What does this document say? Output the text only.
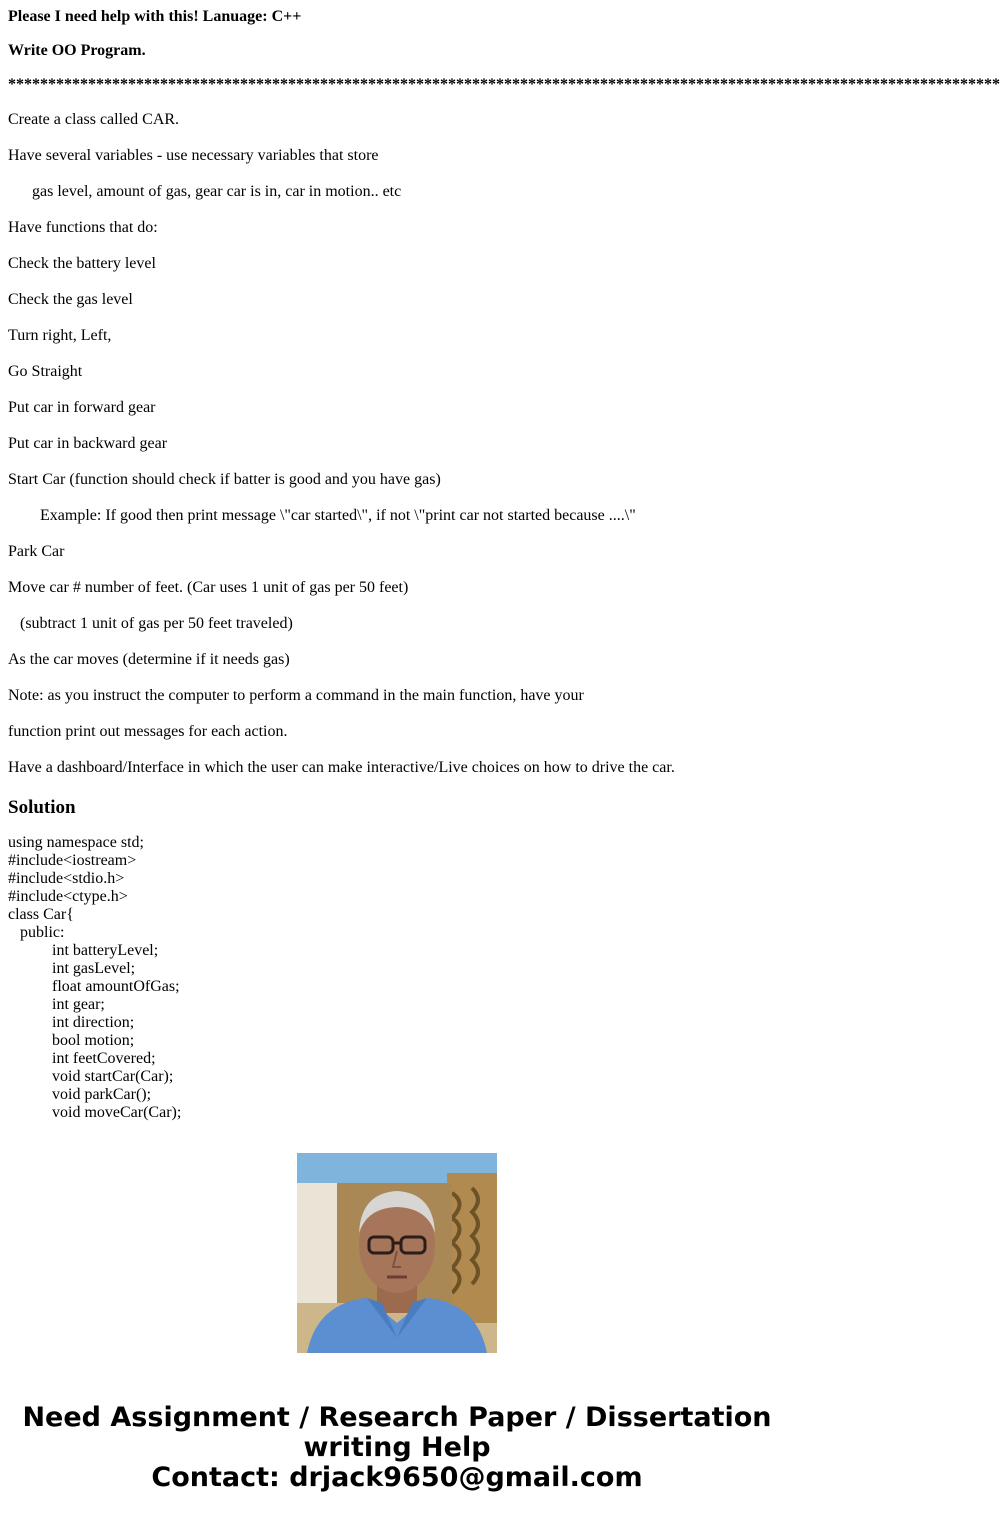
Please I need help with this! Lanuage: C++

Write OO Program.

****************************************************************************************************************************

Create a class called CAR.

Have several variables - use necessary variables that store

gas level, amount of gas, gear car is in, car in motion.. etc

Have functions that do:

Check the battery level

Check the gas level

Turn right, Left,

Go Straight

Put car in forward gear

Put car in backward gear

Start Car (function should check if batter is good and you have gas)

Example: If good then print message \"car started\", if not \"print car not started because ....\"

Park Car

Move car # number of feet. (Car uses 1 unit of gas per 50 feet)

(subtract 1 unit of gas per 50 feet traveled)

As the car moves (determine if it needs gas)

Note: as you instruct the computer to perform a command in the main function, have your

function print out messages for each action.

Have a dashboard/Interface in which the user can make interactive/Live choices on how to drive the car.

Solution

using namespace std;

#include<iostream>

#include<stdio.h>

#include<ctype.h>

class Car{

public:

int batteryLevel;

int gasLevel;

float amountOfGas;

int gear;

int direction;

bool motion;

int feetCovered;

void startCar(Car);

void parkCar();

void moveCar(Car);

Need Assignment / Research Paper / Dissertation
writing Help
Contact: drjack9650@gmail.com
